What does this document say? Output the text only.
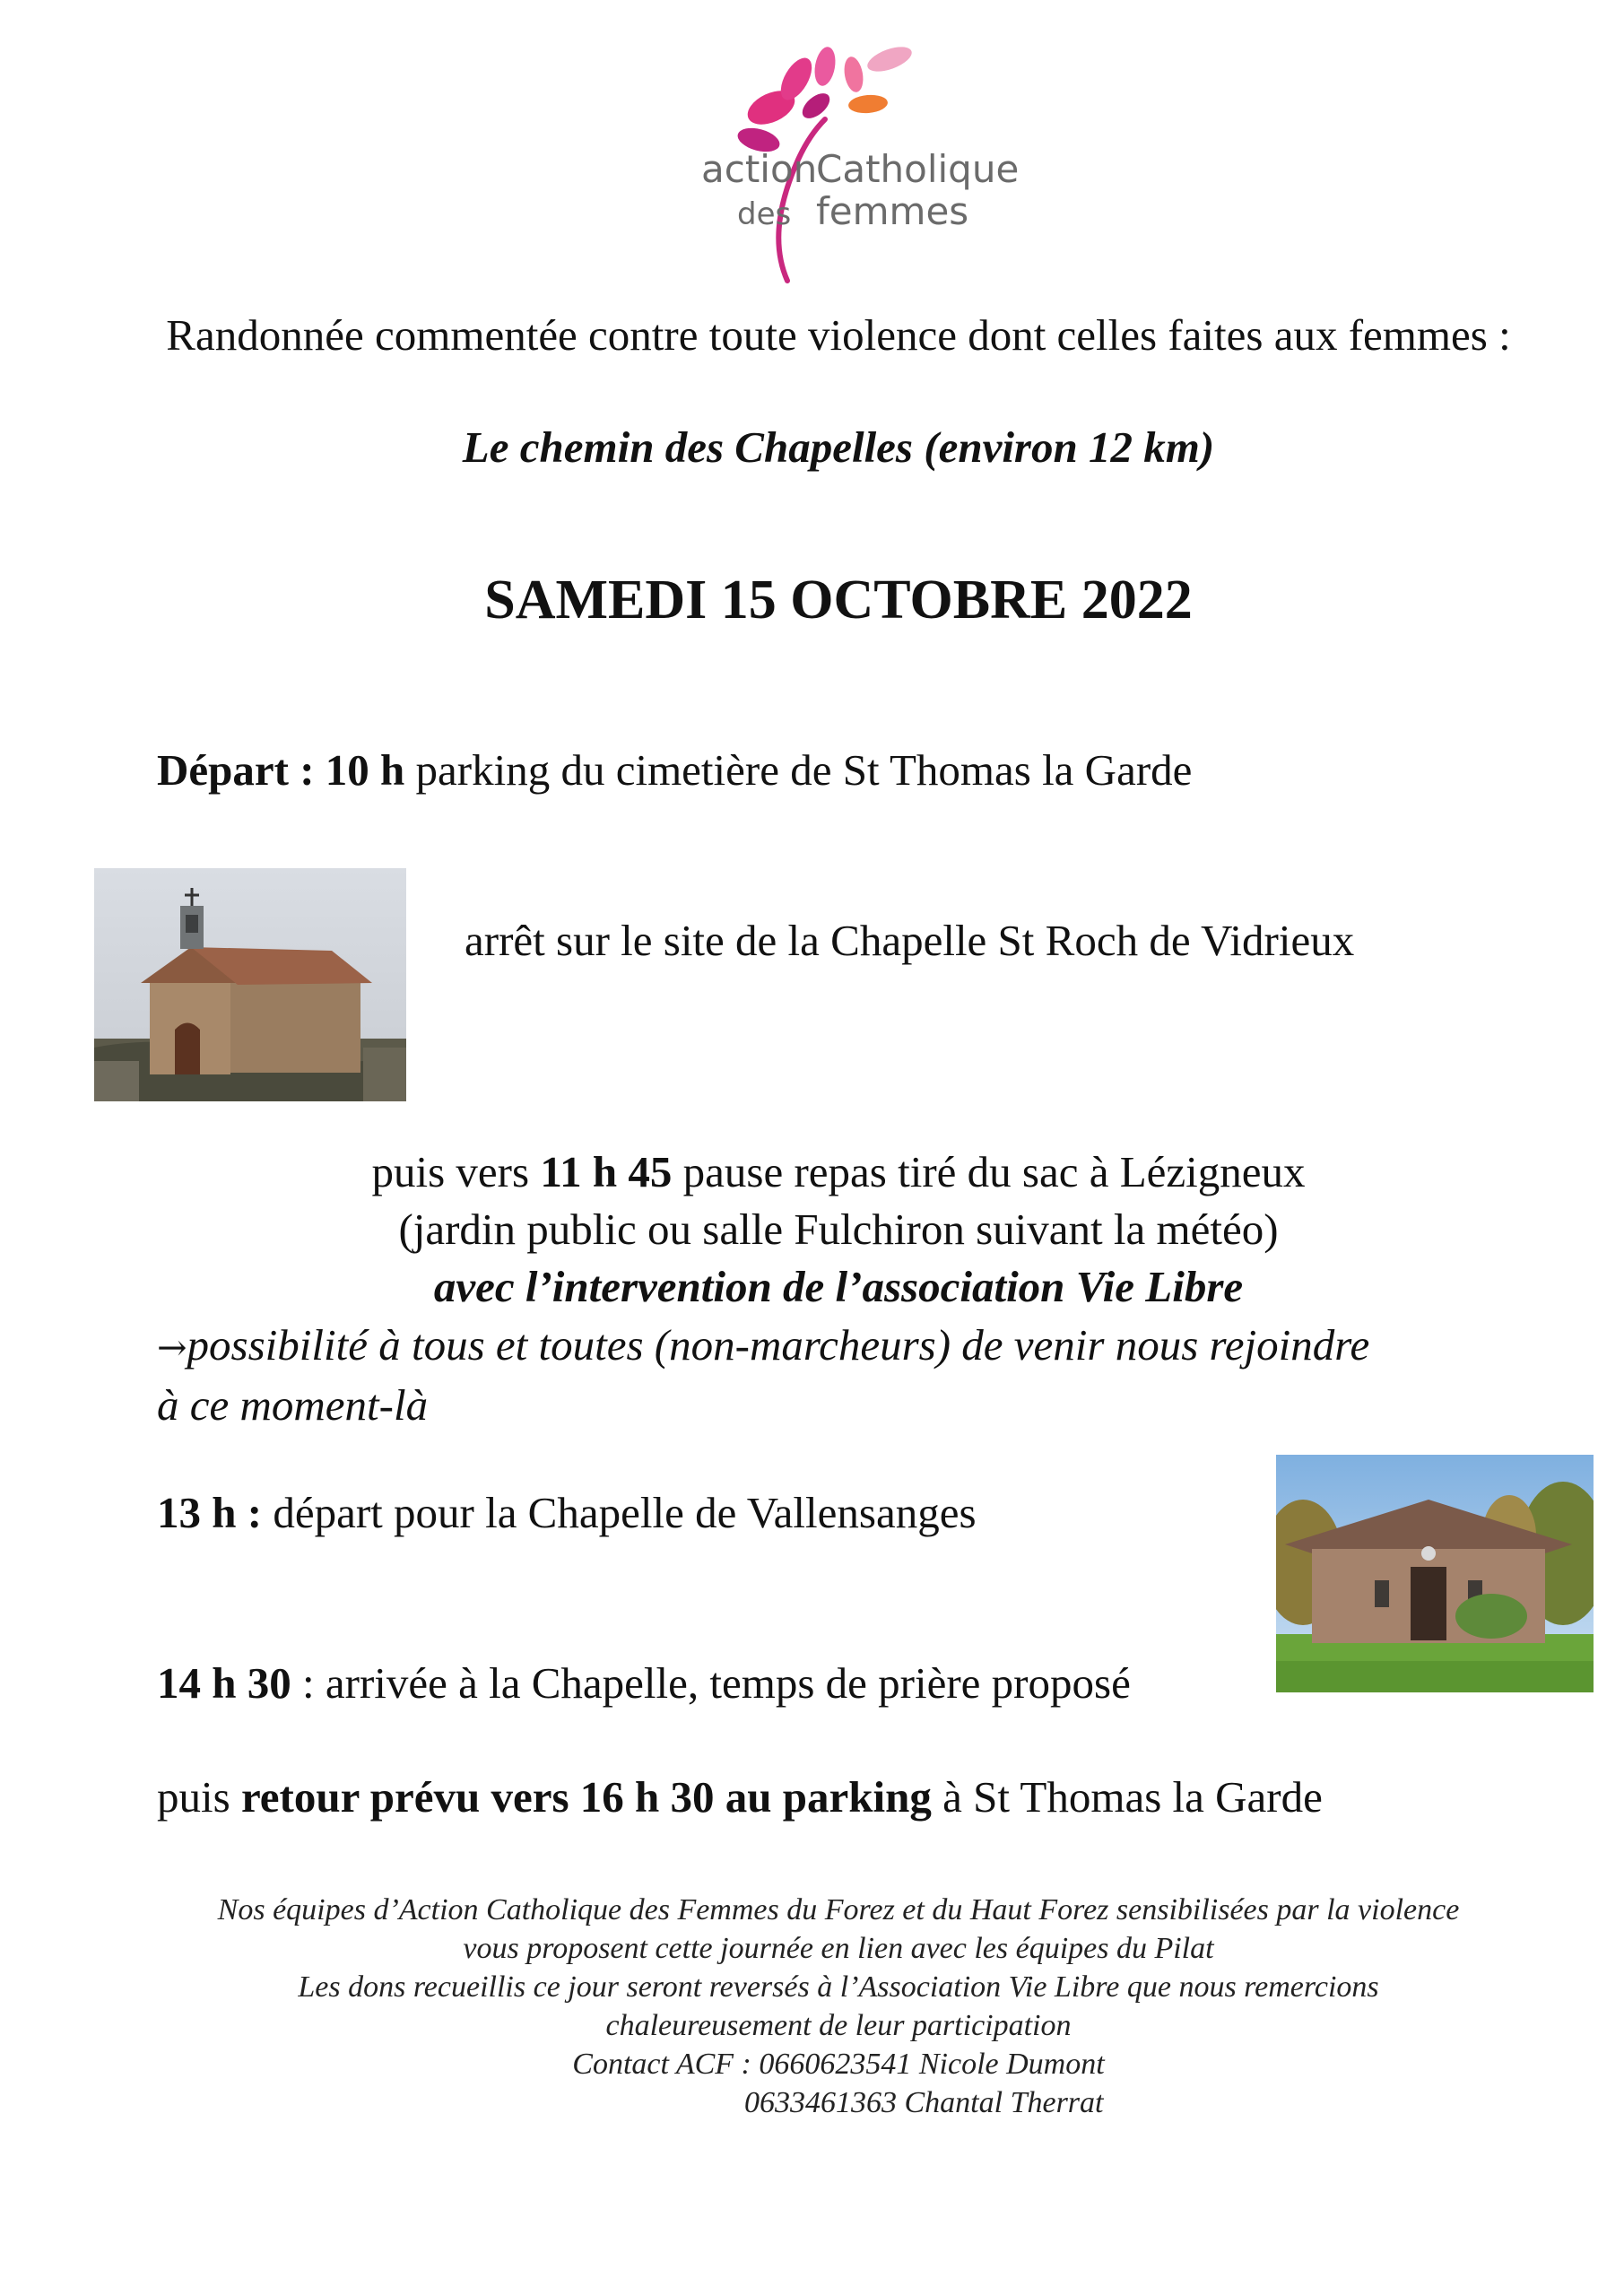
action
Catholique
des femmes
Randonnée commentée contre toute violence dont celles faites aux femmes :
Le chemin des Chapelles (environ 12 km)
SAMEDI 15 OCTOBRE 2022
Départ : 10 h parking du cimetière de St Thomas la Garde
arrêt sur le site de la Chapelle St Roch de Vidrieux
puis vers 11 h 45 pause repas tiré du sac à Lézigneux
(jardin public ou salle Fulchiron suivant la météo)
avec l’intervention de l’association Vie Libre
→possibilité à tous et toutes (non-marcheurs) de venir nous rejoindre à ce moment-là
13 h : départ pour la Chapelle de Vallensanges
14 h 30 : arrivée à la Chapelle, temps de prière proposé
puis retour prévu vers 16 h 30 au parking à St Thomas la Garde
Nos équipes d’Action Catholique des Femmes du Forez et du Haut Forez sensibilisées par la violence
vous proposent cette journée en lien avec les équipes du Pilat
Les dons recueillis ce jour seront reversés à l’Association Vie Libre que nous remercions
chaleureusement de leur participation
Contact ACF : 0660623541 Nicole Dumont
0633461363 Chantal Therrat
